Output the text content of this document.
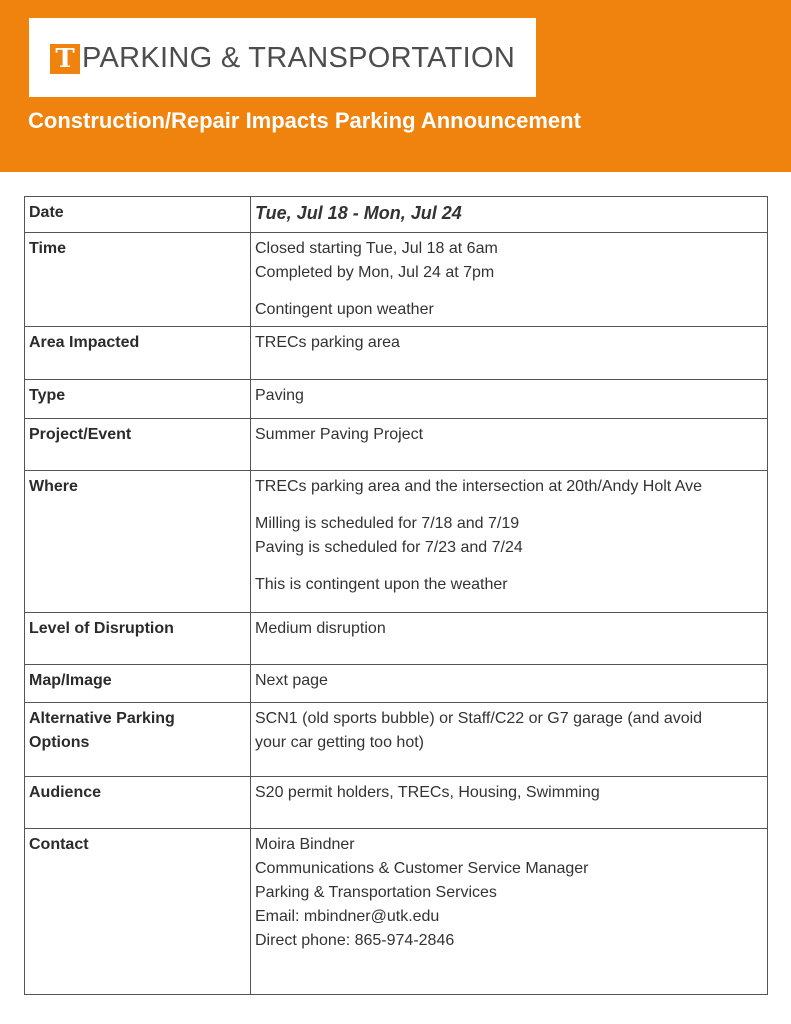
T PARKING & TRANSPORTATION
Construction/Repair Impacts Parking Announcement
Date	Tue, Jul 18 - Mon, Jul 24
Time	Closed starting Tue, Jul 18 at 6am
Completed by Mon, Jul 24 at 7pm
Contingent upon weather

Area Impacted	TRECs parking area
Type	Paving
Project/Event	Summer Paving Project
Where	TRECs parking area and the intersection at 20th/Andy Holt Ave
Milling is scheduled for 7/18 and 7/19
Paving is scheduled for 7/23 and 7/24
This is contingent upon the weather

Level of Disruption	Medium disruption
Map/Image	Next page

Alternative Parking
Options	SCN1 (old sports bubble) or Staff/C22 or G7 garage (and avoid
your car getting too hot)

Audience	S20 permit holders, TRECs, Housing, Swimming
Contact	Moira Bindner
Communications & Customer Service Manager
Parking & Transportation Services
Email: mbindner@utk.edu
Direct phone: 865-974-2846
